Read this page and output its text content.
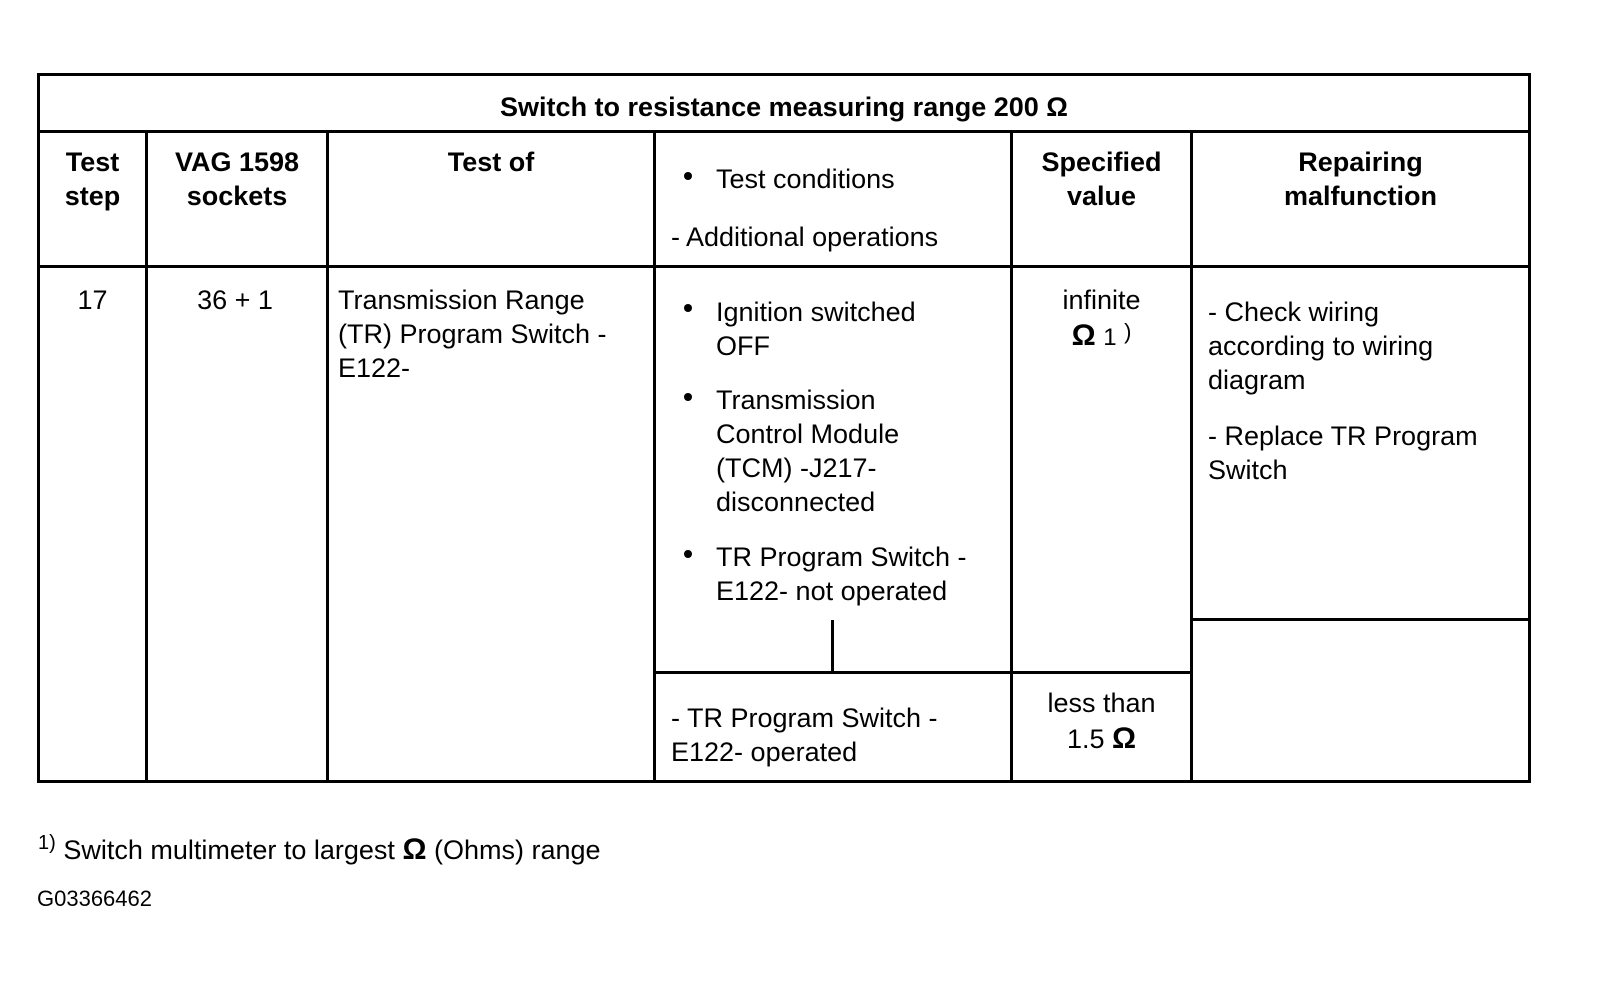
Switch to resistance measuring range 200 Ω
Test
step
VAG 1598
sockets
Test of
Test conditions
- Additional operations
Specified
value
Repairing
malfunction
17	36 + 1	Transmission Range
(TR) Program Switch -
E122-
Ignition switched
OFF
Transmission
Control Module
(TCM) -J217-
disconnected
TR Program Switch -
E122- not operated
- TR Program Switch -
E122- operated
infinite
Ω 1 )
less than
1.5 Ω
- Check wiring
according to wiring
diagram
- Replace TR Program
Switch
$^{1)}$ Switch multimeter to largest Ω (Ohms) range
G03366462
